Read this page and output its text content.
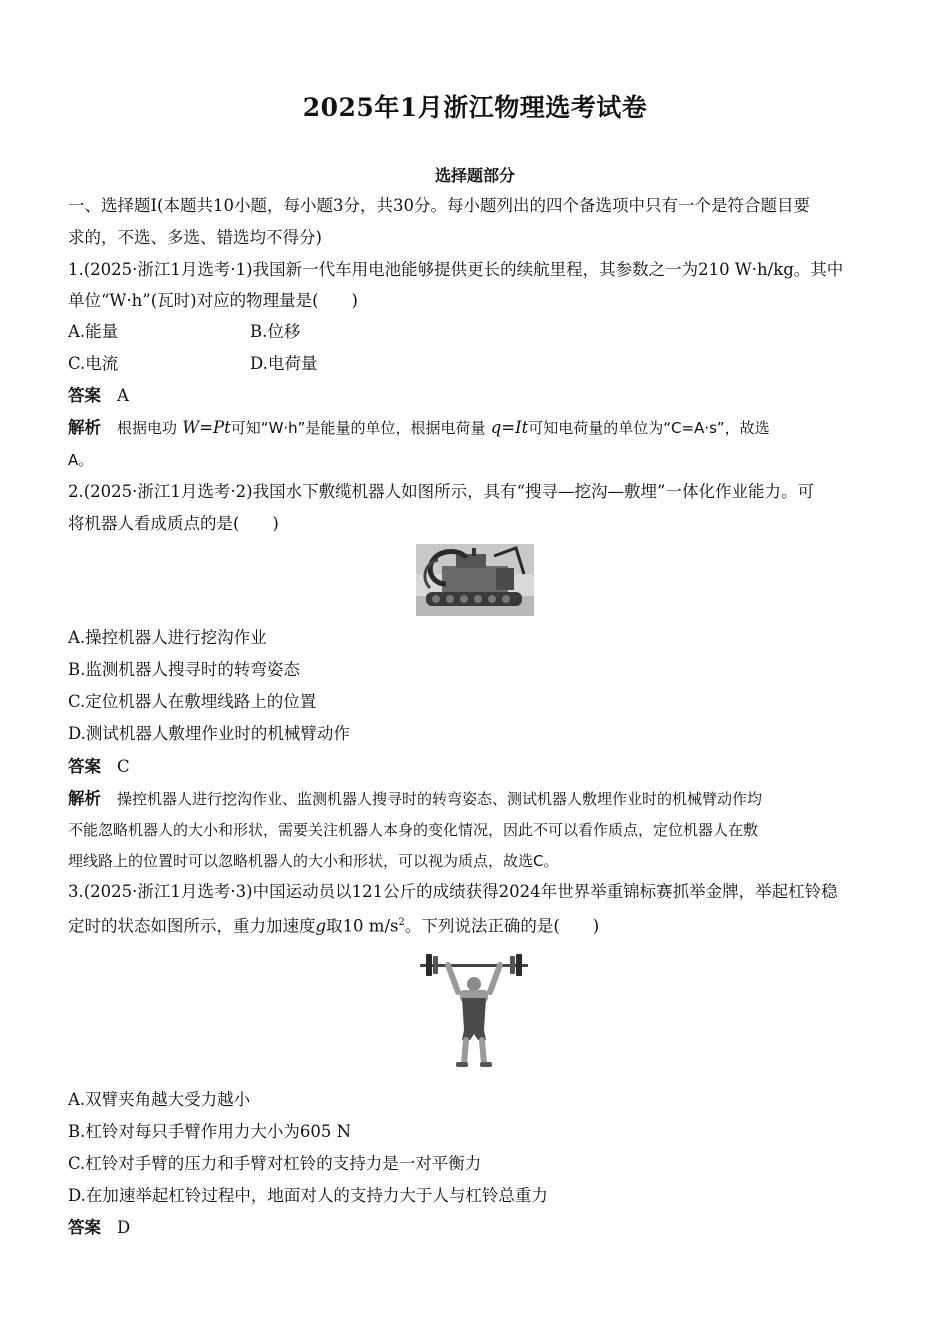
2025年1月浙江物理选考试卷
选择题部分
一、选择题Ⅰ(本题共10小题，每小题3分，共30分。每小题列出的四个备选项中只有一个是符合题目要
求的，不选、多选、错选均不得分)
1.(2025·浙江1月选考·1)我国新一代车用电池能够提供更长的续航里程，其参数之一为210 W·h/kg。其中
单位“W·h”(瓦时)对应的物理量是(　　)
A.能量	B.位移
C.电流	D.电荷量
答案 A
解析 根据电功 W=Pt可知“W·h”是能量的单位，根据电荷量 q=It可知电荷量的单位为“C=A·s”，故选
A。
2.(2025·浙江1月选考·2)我国水下敷缆机器人如图所示，具有“搜寻—挖沟—敷埋”一体化作业能力。可
将机器人看成质点的是(　　)
A.操控机器人进行挖沟作业
B.监测机器人搜寻时的转弯姿态
C.定位机器人在敷埋线路上的位置
D.测试机器人敷埋作业时的机械臂动作
答案 C
解析 操控机器人进行挖沟作业、监测机器人搜寻时的转弯姿态、测试机器人敷埋作业时的机械臂动作均
不能忽略机器人的大小和形状，需要关注机器人本身的变化情况，因此不可以看作质点，定位机器人在敷
埋线路上的位置时可以忽略机器人的大小和形状，可以视为质点，故选C。
3.(2025·浙江1月选考·3)中国运动员以121公斤的成绩获得2024年世界举重锦标赛抓举金牌，举起杠铃稳
定时的状态如图所示，重力加速度g取10 $m/s^2$。下列说法正确的是(　　)
A.双臂夹角越大受力越小
B.杠铃对每只手臂作用力大小为605 N
C.杠铃对手臂的压力和手臂对杠铃的支持力是一对平衡力
D.在加速举起杠铃过程中，地面对人的支持力大于人与杠铃总重力
答案 D
